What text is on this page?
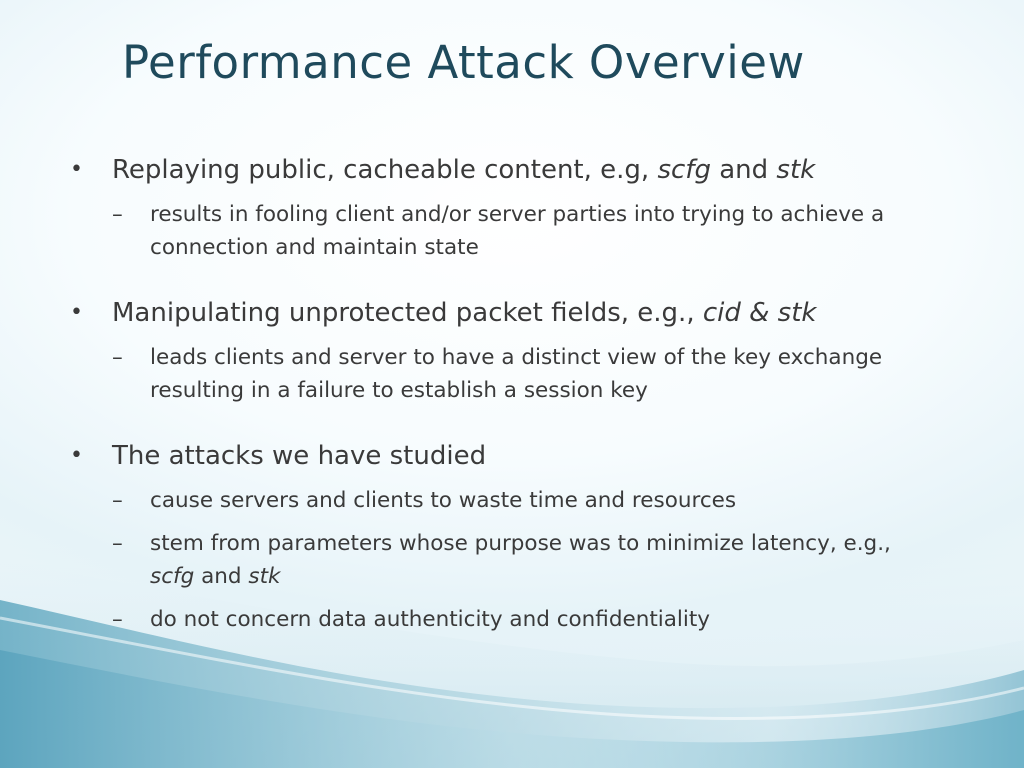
Performance Attack Overview
• Replaying public, cacheable content, e.g, scfg and stk
– results in fooling client and/or server parties into trying to achieve a connection and maintain state
• Manipulating unprotected packet fields, e.g., cid & stk
– leads clients and server to have a distinct view of the key exchange resulting in a failure to establish a session key
• The attacks we have studied
– cause servers and clients to waste time and resources
– stem from parameters whose purpose was to minimize latency, e.g., scfg and stk
– do not concern data authenticity and confidentiality
